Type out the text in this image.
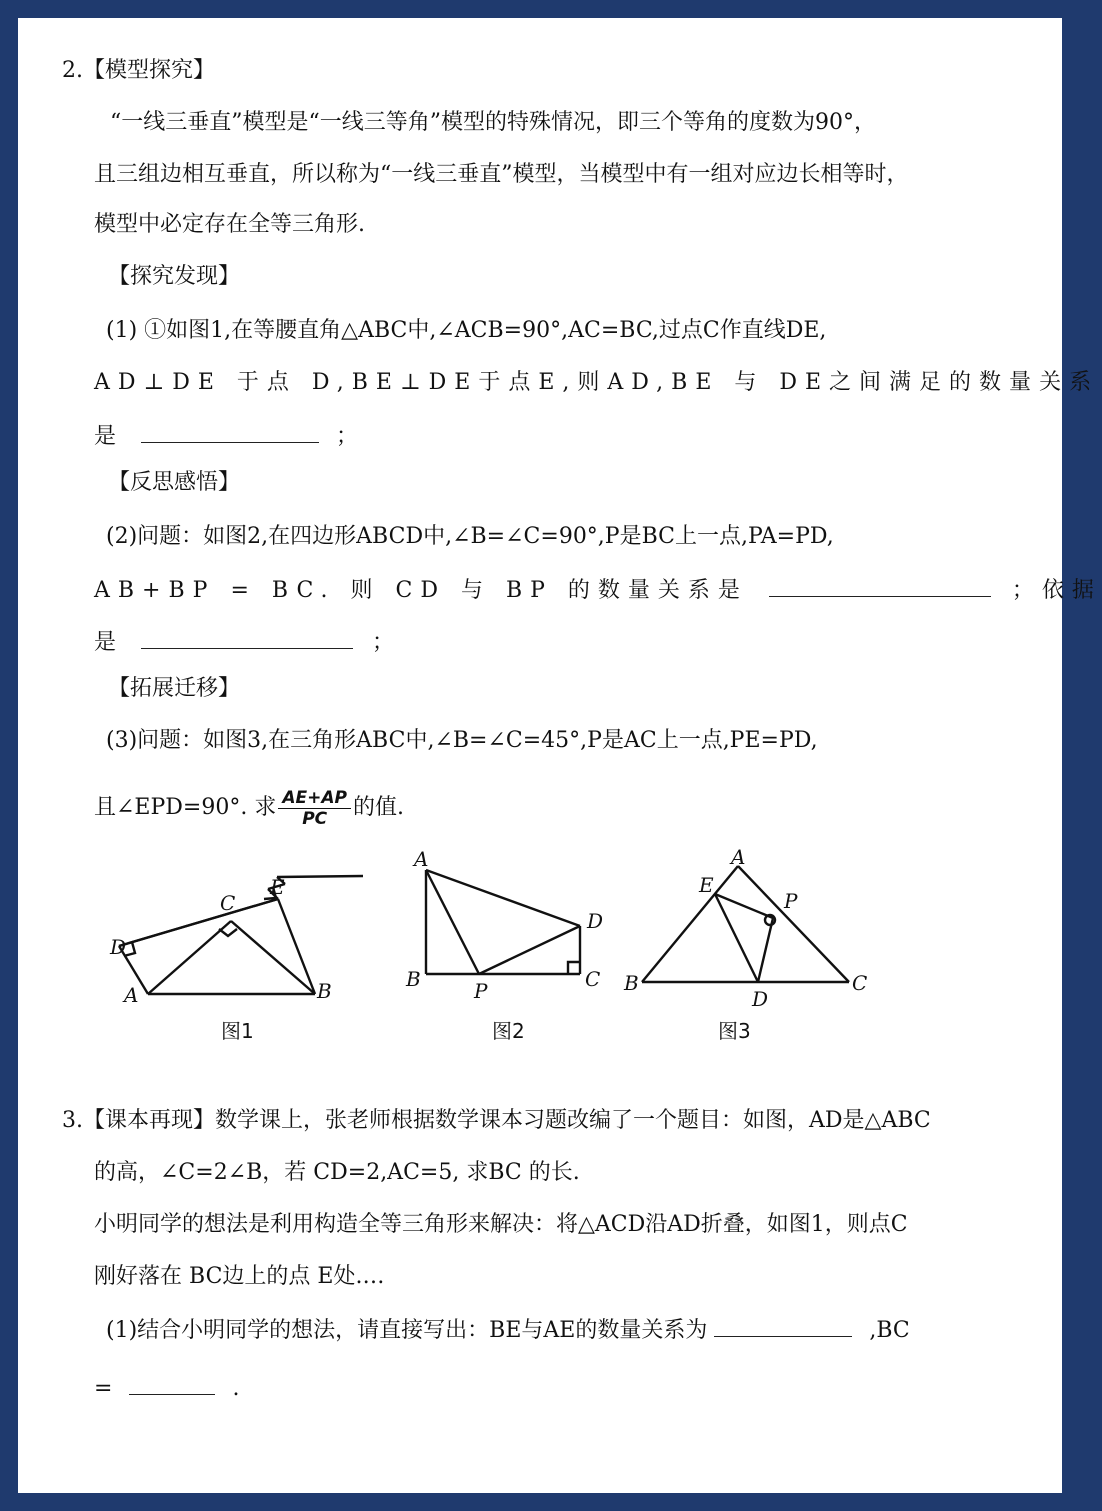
2.【模型探究】
“一线三垂直”模型是“一线三等角”模型的特殊情况，即三个等角的度数为90°，
且三组边相互垂直，所以称为“一线三垂直”模型，当模型中有一组对应边长相等时，
模型中必定存在全等三角形.
【探究发现】
(1) ①如图1,在等腰直角△ABC中,∠ACB=90°,AC=BC,过点C作直线DE,
AD⊥DE 于点 D,BE⊥DE于点E,则AD,BE 与 DE之间满足的数量关系
是	；
【反思感悟】
(2)问题：如图2,在四边形ABCD中,∠B=∠C=90°,P是BC上一点,PA=PD,
AB+BP = BC. 则 CD 与 BP 的数量关系是	；依据
是	；
【拓展迁移】
(3)问题：如图3,在三角形ABC中,∠B=∠C=45°,P是AC上一点,PE=PD,
且∠EPD=90°. 求 $\frac{AE+AP}{PC}$ 的值.
D
A
C
E
B
图1
A
B	P	C
D
图2
A
E
P
B	C
D
图3
3.【课本再现】数学课上，张老师根据数学课本习题改编了一个题目：如图，AD是△ABC
的高，∠C=2∠B，若 CD=2,AC=5, 求BC 的长.
小明同学的想法是利用构造全等三角形来解决：将△ACD沿AD折叠，如图1，则点C
刚好落在 BC边上的点 E处.…
(1)结合小明同学的想法，请直接写出：BE与AE的数量关系为	,BC
=	.
